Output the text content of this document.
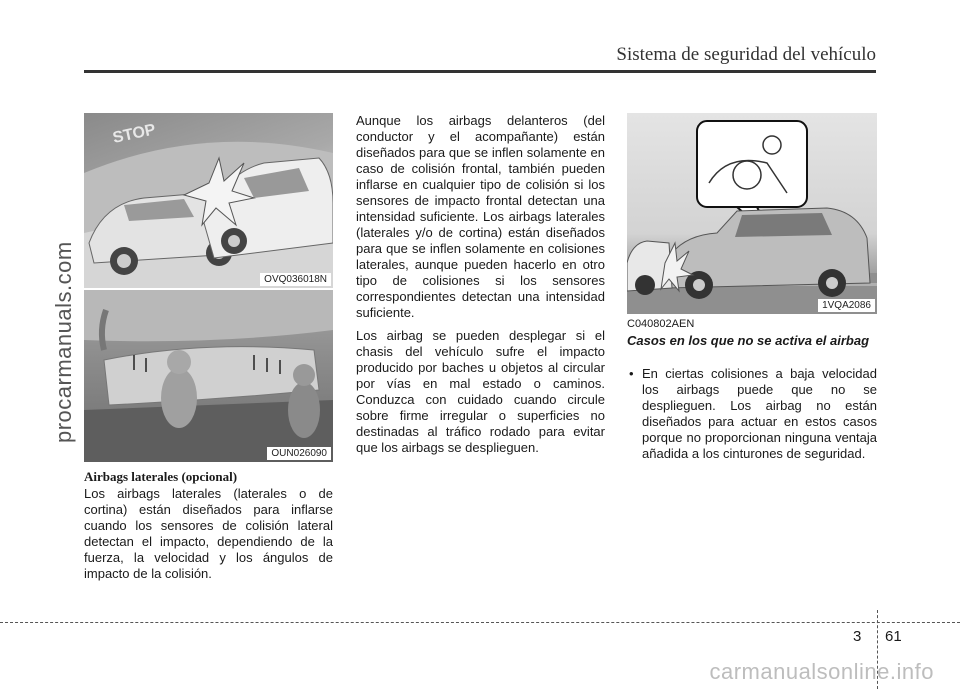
Sistema de seguridad del vehículo
procarmanuals.com
STOP
OVQ036018N
OUN026090
Airbags laterales (opcional)

Los airbags laterales (laterales o de cortina) están diseñados para inflarse cuando los sensores de colisión lateral detectan el impacto, dependiendo de la fuerza, la velocidad y los ángulos de impacto de la colisión.

Aunque los airbags delanteros (del conductor y el acompañante) están diseñados para que se inflen solamente en caso de colisión frontal, también pueden inflarse en cualquier tipo de colisión si los sensores de impacto frontal detectan una intensidad suficiente. Los airbags laterales (laterales y/o de cortina) están diseñados para que se inflen solamente en colisiones laterales, aunque pueden hacerlo en otro tipo de colisiones si los sensores correspondientes detectan una intensidad suficiente.

Los airbag se pueden desplegar si el chasis del vehículo sufre el impacto producido por baches u objetos al circular por vías en mal estado o caminos. Conduzca con cuidado cuando circule sobre firme irregular o superficies no destinadas al tráfico rodado para evitar que los airbags se desplieguen.

1VQA2086
C040802AEN
Casos en los que no se activa el airbag
• En ciertas colisiones a baja velocidad los airbags puede que no se desplieguen. Los airbag no están diseñados para actuar en estos casos porque no proporcionan ninguna ventaja añadida a los cinturones de seguridad.
3 61
carmanualsonline.info
